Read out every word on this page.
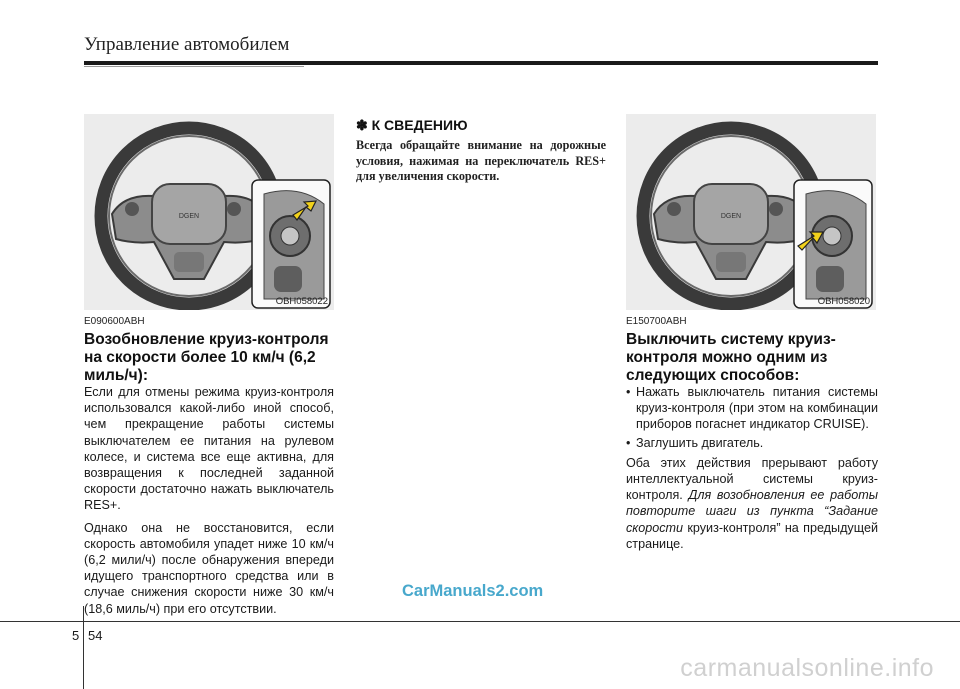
Управление автомобилем
DGEN
OBH058022
E090600ABH
Возобновление круиз-контроля на скорости более 10 км/ч (6,2 миль/ч):

Если для отмены режима круиз-контроля использовался какой-либо иной способ, чем прекращение работы системы выключателем ее питания на рулевом колесе, и система все еще активна, для возвращения к последней заданной скорости достаточно нажать выключатель RES+.

Однако она не восстановится, если скорость автомобиля упадет ниже 10 км/ч (6,2 мили/ч) после обнаружения впереди идущего транспортного средства или в случае снижения скорости ниже 30 км/ч (18,6 миль/ч) при его отсутствии.

✽ К СВЕДЕНИЮ
Всегда обращайте внимание на дорожные условия, нажимая на переключатель RES+ для увеличения скорости.
DGEN
OBH058020
E150700ABH
Выключить систему круиз-контроля можно одним из следующих способов:
• Нажать выключатель питания системы круиз-контроля (при этом на комбинации приборов погаснет индикатор CRUISE).
• Заглушить двигатель.

Оба этих действия прерывают работу интеллектуальной системы круиз-контроля. Для возобновления ее работы повторите шаги из пункта “Задание скорости круиз-контроля” на предыдущей странице.

CarManuals2.com
5 54
carmanualsonline.info
